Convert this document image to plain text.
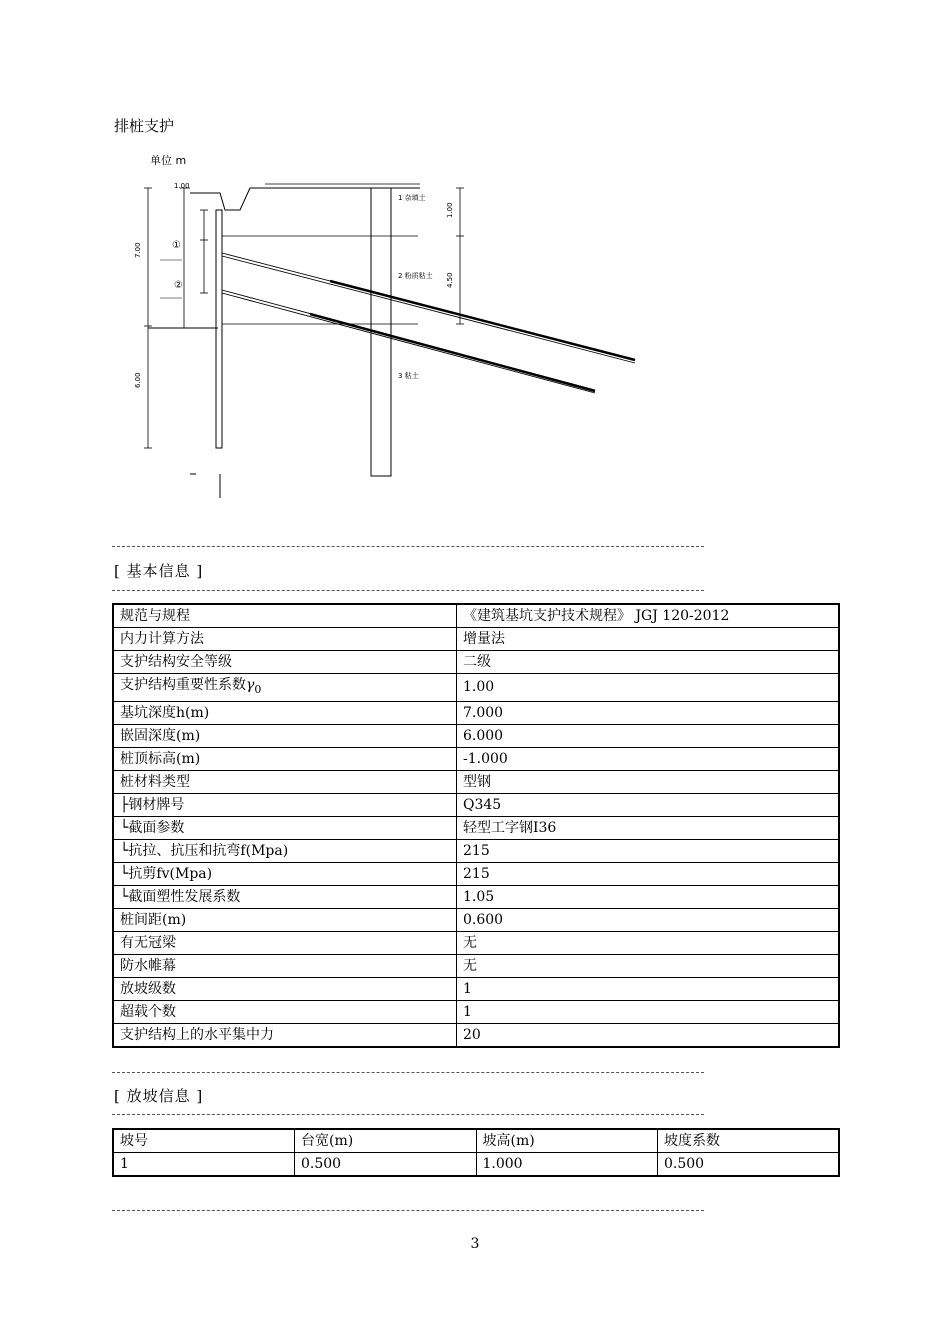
排桩支护
单位 m
7.00
6.00
1.00
①
②
1.00
4.50
1 杂填土
2 粉质粘土
3 粘土
[ 基本信息 ]
规范与规程	《建筑基坑支护技术规程》 JGJ 120-2012
内力计算方法	增量法
支护结构安全等级	二级
支护结构重要性系数$\gamma_0$	1.00
基坑深度h(m)	7.000
嵌固深度(m)	6.000
桩顶标高(m)	-1.000
桩材料类型	型钢
├钢材牌号	Q345
└截面参数	轻型工字钢I36
└抗拉、抗压和抗弯f(Mpa)	215
└抗剪fv(Mpa)	215
└截面塑性发展系数	1.05
桩间距(m)	0.600
有无冠梁	无
防水帷幕	无
放坡级数	1
超载个数	1
支护结构上的水平集中力	20
[ 放坡信息 ]
坡号	台宽(m)	坡高(m)	坡度系数
1	0.500	1.000	0.500
3
